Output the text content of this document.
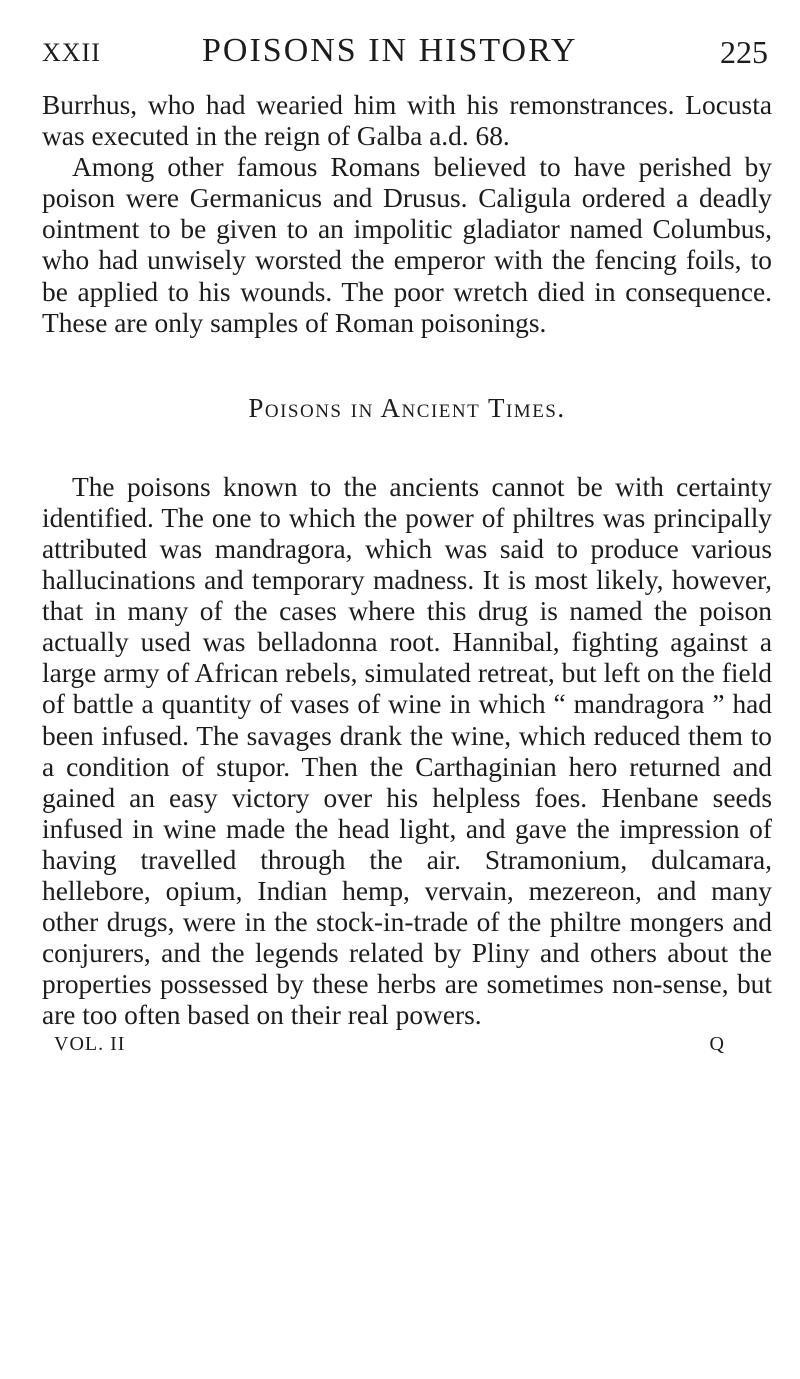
XXII	POISONS IN HISTORY	225

Burrhus, who had wearied him with his remonstrances. Locusta was executed in the reign of Galba a.d. 68.

Among other famous Romans believed to have perished by poison were Germanicus and Drusus. Caligula ordered a deadly ointment to be given to an impolitic gladiator named Columbus, who had unwisely worsted the emperor with the fencing foils, to be applied to his wounds. The poor wretch died in consequence. These are only samples of Roman poisonings.

Poisons in Ancient Times.

The poisons known to the ancients cannot be with certainty identified. The one to which the power of philtres was principally attributed was mandragora, which was said to produce various hallucinations and temporary madness. It is most likely, however, that in many of the cases where this drug is named the poison actually used was belladonna root. Hannibal, fighting against a large army of African rebels, simulated retreat, but left on the field of battle a quantity of vases of wine in which “ mandragora ” had been infused. The savages drank the wine, which reduced them to a condition of stupor. Then the Carthaginian hero returned and gained an easy victory over his helpless foes. Henbane seeds infused in wine made the head light, and gave the impression of having travelled through the air. Stramonium, dulcamara, hellebore, opium, Indian hemp, vervain, mezereon, and many other drugs, were in the stock-in-trade of the philtre mongers and conjurers, and the legends related by Pliny and others about the properties possessed by these herbs are sometimes non-sense, but are too often based on their real powers.

VOL. II	Q
